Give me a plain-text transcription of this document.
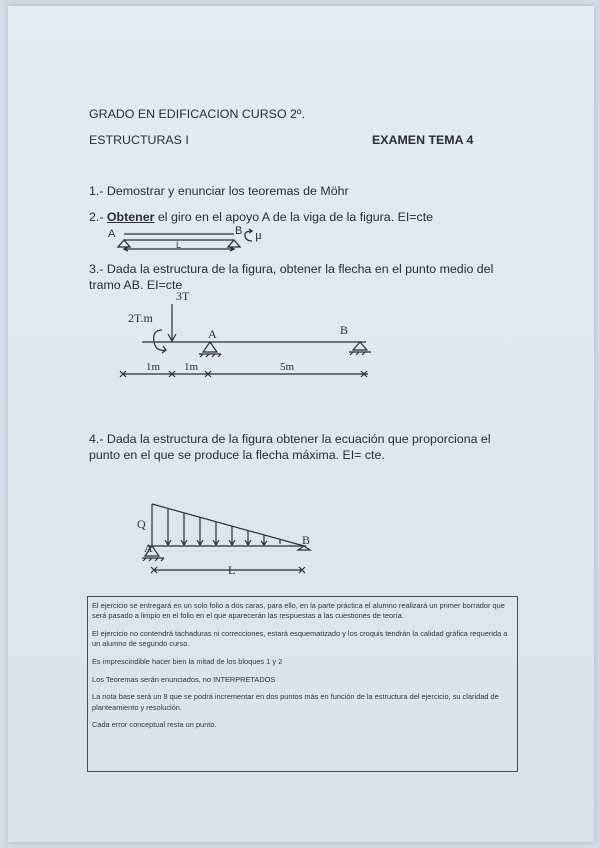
GRADO EN EDIFICACION CURSO 2º.
ESTRUCTURAS I	EXAMEN TEMA 4
1.- Demostrar y enunciar los teoremas de Möhr
2.- Obtener el giro en el apoyo A de la viga de la figura. EI=cte
A	B
L
μ
3.- Dada la estructura de la figura, obtener la flecha en el punto medio del tramo AB. EI=cte
3T
2T.m
A	B
1m 1m	5m
4.- Dada la estructura de la figura obtener la ecuación que proporciona el punto en el que se produce la flecha máxima. EI= cte.
Q
A
B
L

El ejercicio se entregará en un solo folio a dos caras, para ello, en la parte práctica el alumno realizará un primer borrador que será pasado a limpio en el folio en el que aparecerán las respuestas a las cuestiones de teoría.

El ejercicio no contendrá tachaduras ni correcciones, estará esquematizado y los croquis tendrán la calidad gráfica requerida a un alumno de segundo curso.

Es imprescindible hacer bien la mitad de los bloques 1 y 2

Los Teoremas serán enunciados, no INTERPRETADOS

La nota base será un 8 que se podrá incrementar en dos puntos más en función de la estructura del ejercicio, su claridad de planteamiento y resolución.

Cada error conceptual resta un punto.
